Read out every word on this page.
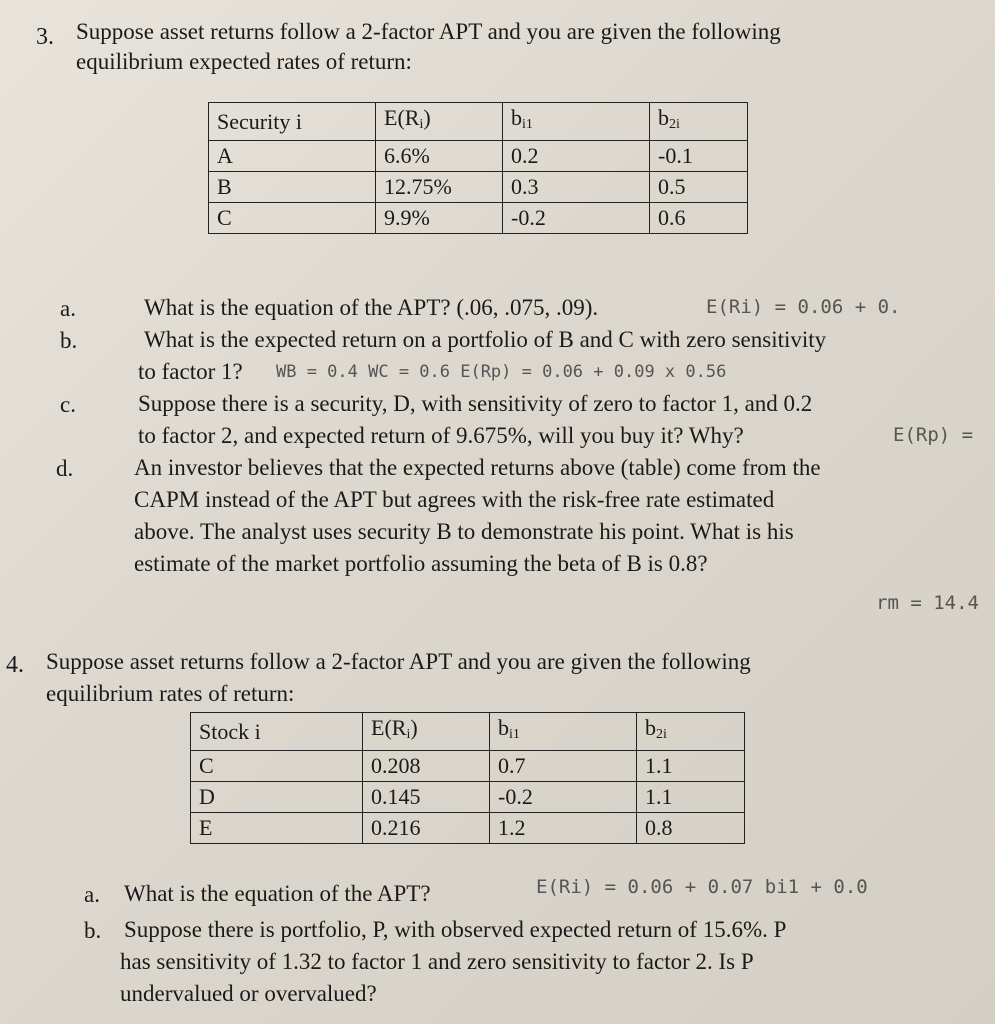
3. Suppose asset returns follow a 2-factor APT and you are given the following
equilibrium expected rates of return:
Security i	$E(R_i)$	$b_{i1}$	$b_{2i}$
A	6.6%	0.2	-0.1
B	12.75%	0.3	0.5
C	9.9%	-0.2	0.6
a.	What is the equation of the APT? (.06, .075, .09).	E(Ri) = 0.06 + 0.
b.	What is the expected return on a portfolio of B and C with zero sensitivity
to factor 1? WB = 0.4 WC = 0.6 E(Rp) = 0.06 + 0.09 x 0.56
c.	Suppose there is a security, D, with sensitivity of zero to factor 1, and 0.2
to factor 2, and expected return of 9.675%, will you buy it? Why?	E(Rp) =
d.	An investor believes that the expected returns above (table) come from the
CAPM instead of the APT but agrees with the risk-free rate estimated
above. The analyst uses security B to demonstrate his point. What is his
estimate of the market portfolio assuming the beta of B is 0.8?
rm = 14.4
4. Suppose asset returns follow a 2-factor APT and you are given the following
equilibrium rates of return:
Stock i	$E(R_i)$	$b_{i1}$	$b_{2i}$
C	0.208	0.7	1.1
D	0.145	-0.2	1.1
E	0.216	1.2	0.8
a. What is the equation of the APT?	E(Ri) = 0.06 + 0.07 bi1 + 0.0
b. Suppose there is portfolio, P, with observed expected return of 15.6%. P
has sensitivity of 1.32 to factor 1 and zero sensitivity to factor 2. Is P
undervalued or overvalued?
